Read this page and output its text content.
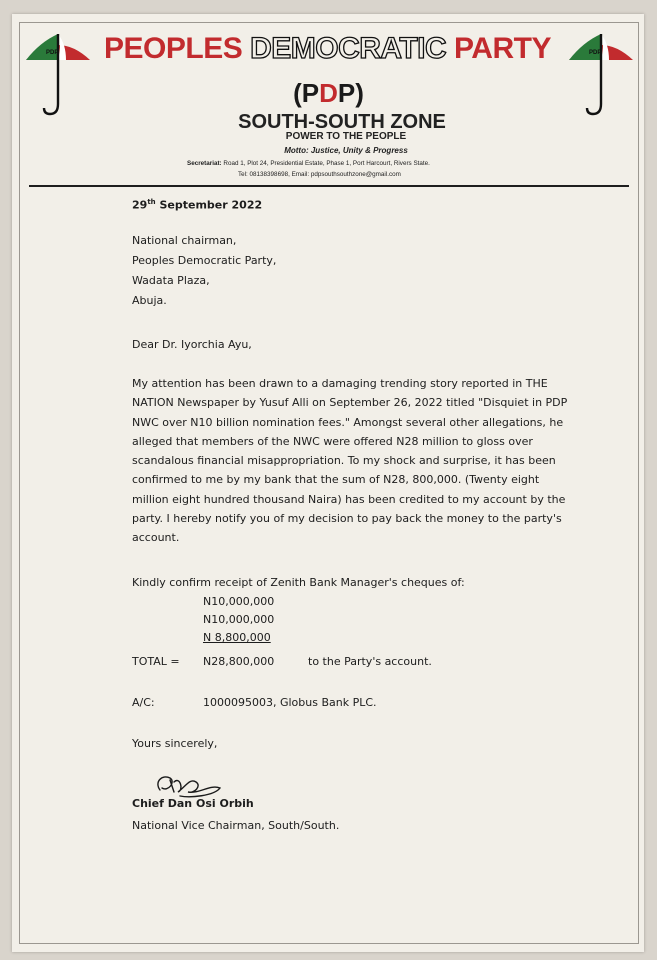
PDP	PDP
PEOPLES DEMOCRATIC PARTY
(PDP)
SOUTH-SOUTH ZONE
POWER TO THE PEOPLE
Motto: Justice, Unity & Progress
Secretariat: Road 1, Plot 24, Presidential Estate, Phase 1, Port Harcourt, Rivers State.
Tel: 08138398698, Email: pdpsouthsouthzone@gmail.com
29th September 2022
National chairman,
Peoples Democratic Party,
Wadata Plaza,
Abuja.
Dear Dr. Iyorchia Ayu,
My attention has been drawn to a damaging trending story reported in THE NATION Newspaper by Yusuf Alli on September 26, 2022 titled "Disquiet in PDP NWC over N10 billion nomination fees." Amongst several other allegations, he alleged that members of the NWC were offered N28 million to gloss over scandalous financial misappropriation. To my shock and surprise, it has been confirmed to me by my bank that the sum of N28, 800,000. (Twenty eight million eight hundred thousand Naira) has been credited to my account by the party. I hereby notify you of my decision to pay back the money to the party's account.
Kindly confirm receipt of Zenith Bank Manager's cheques of:
N10,000,000
N10,000,000
N 8,800,000
TOTAL = N28,800,000	to the Party's account.
A/C:	1000095003, Globus Bank PLC.
Yours sincerely,
Chief Dan Osi Orbih
National Vice Chairman, South/South.
